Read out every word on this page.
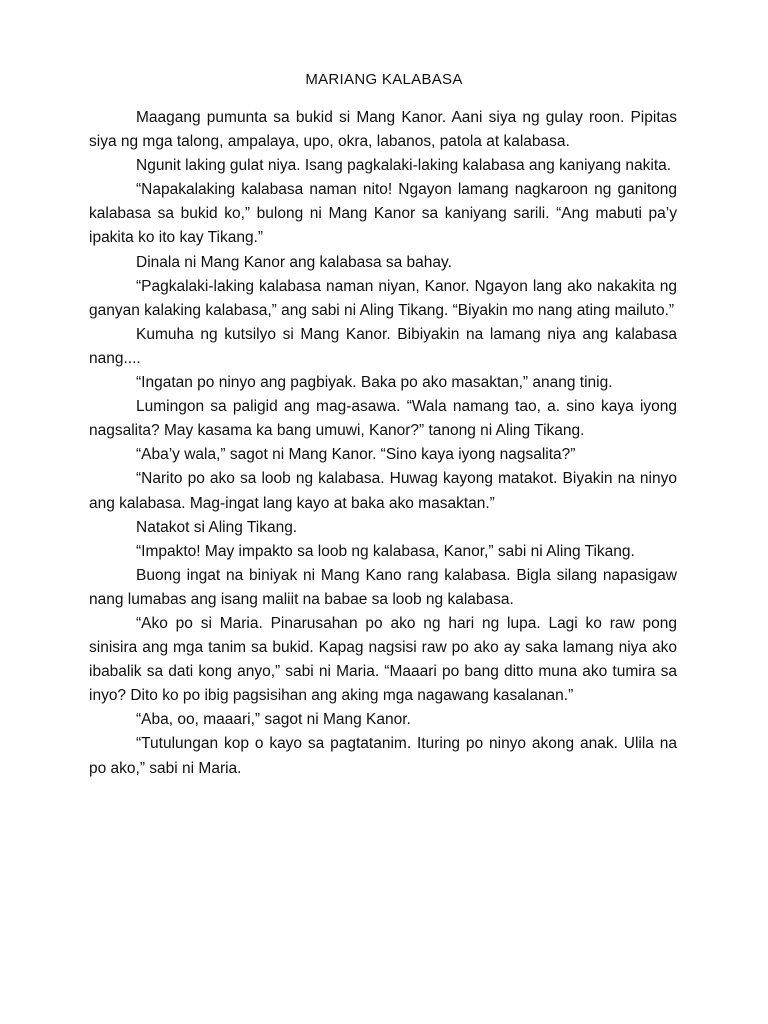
MARIANG KALABASA

Maagang pumunta sa bukid si Mang Kanor. Aani siya ng gulay roon. Pipitas siya ng mga talong, ampalaya, upo, okra, labanos, patola at kalabasa.

Ngunit laking gulat niya. Isang pagkalaki-laking kalabasa ang kaniyang nakita.

“Napakalaking kalabasa naman nito! Ngayon lamang nagkaroon ng ganitong kalabasa sa bukid ko,” bulong ni Mang Kanor sa kaniyang sarili. “Ang mabuti pa’y ipakita ko ito kay Tikang.”

Dinala ni Mang Kanor ang kalabasa sa bahay.

“Pagkalaki-laking kalabasa naman niyan, Kanor. Ngayon lang ako nakakita ng ganyan kalaking kalabasa,” ang sabi ni Aling Tikang. “Biyakin mo nang ating mailuto.”

Kumuha ng kutsilyo si Mang Kanor. Bibiyakin na lamang niya ang kalabasa nang....

“Ingatan po ninyo ang pagbiyak. Baka po ako masaktan,” anang tinig.

Lumingon sa paligid ang mag-asawa. “Wala namang tao, a. sino kaya iyong nagsalita? May kasama ka bang umuwi, Kanor?” tanong ni Aling Tikang.

“Aba’y wala,” sagot ni Mang Kanor. “Sino kaya iyong nagsalita?”

“Narito po ako sa loob ng kalabasa. Huwag kayong matakot. Biyakin na ninyo ang kalabasa. Mag-ingat lang kayo at baka ako masaktan.”

Natakot si Aling Tikang.

“Impakto! May impakto sa loob ng kalabasa, Kanor,” sabi ni Aling Tikang.

Buong ingat na biniyak ni Mang Kano rang kalabasa. Bigla silang napasigaw nang lumabas ang isang maliit na babae sa loob ng kalabasa.

“Ako po si Maria. Pinarusahan po ako ng hari ng lupa. Lagi ko raw pong sinisira ang mga tanim sa bukid. Kapag nagsisi raw po ako ay saka lamang niya ako ibabalik sa dati kong anyo,” sabi ni Maria. “Maaari po bang ditto muna ako tumira sa inyo? Dito ko po ibig pagsisihan ang aking mga nagawang kasalanan.”

“Aba, oo, maaari,” sagot ni Mang Kanor.

“Tutulungan kop o kayo sa pagtatanim. Ituring po ninyo akong anak. Ulila na po ako,” sabi ni Maria.
